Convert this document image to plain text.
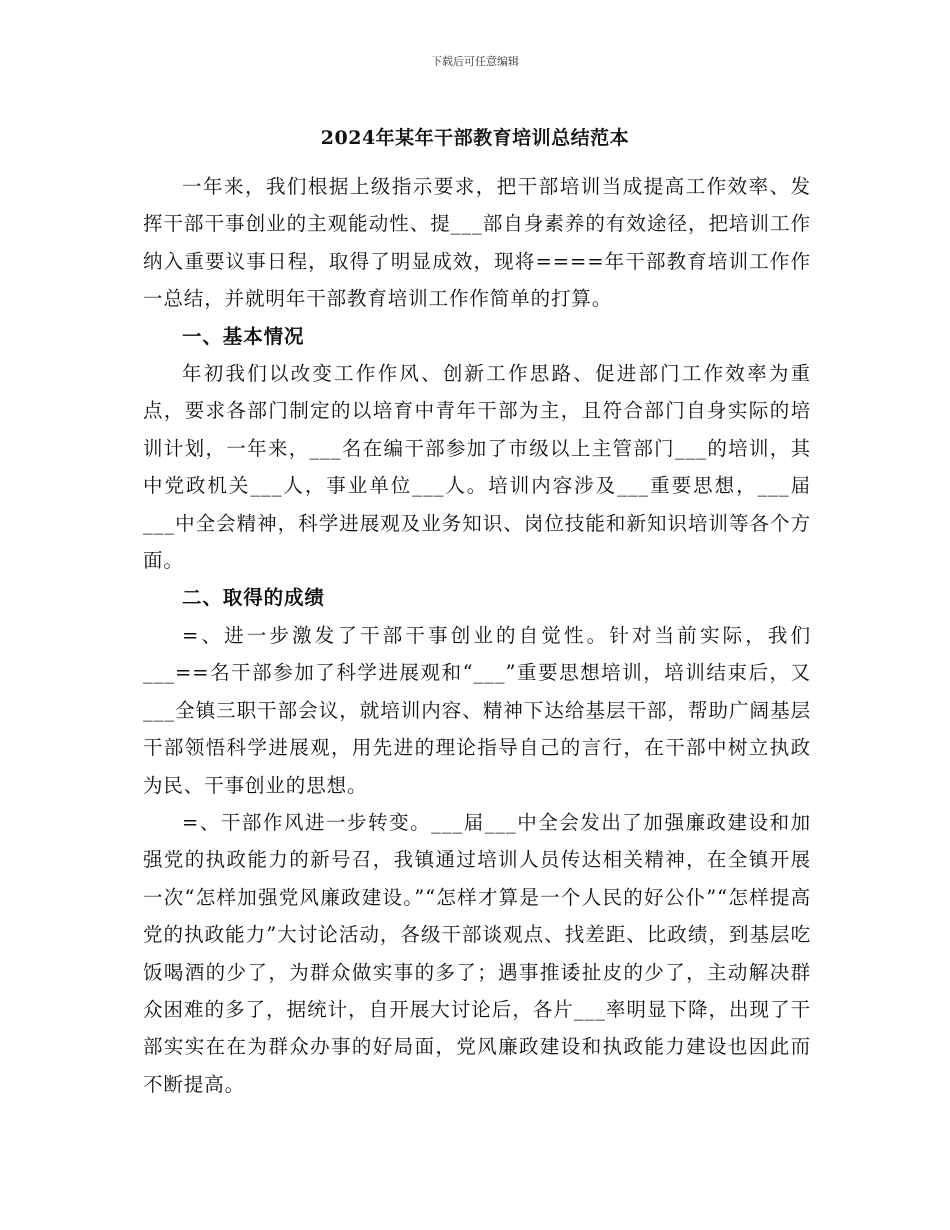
下载后可任意编辑
2024年某年干部教育培训总结范本

一年来，我们根据上级指示要求，把干部培训当成提高工作效率、发挥干部干事创业的主观能动性、提___部自身素养的有效途径，把培训工作纳入重要议事日程，取得了明显成效，现将====年干部教育培训工作作一总结，并就明年干部教育培训工作作简单的打算。

一、基本情况

年初我们以改变工作作风、创新工作思路、促进部门工作效率为重点，要求各部门制定的以培育中青年干部为主，且符合部门自身实际的培训计划，一年来，___名在编干部参加了市级以上主管部门___的培训，其中党政机关___人，事业单位___人。培训内容涉及___重要思想，___届___中全会精神，科学进展观及业务知识、岗位技能和新知识培训等各个方面。

二、取得的成绩

=、进一步激发了干部干事创业的自觉性。针对当前实际，我们___==名干部参加了科学进展观和“___”重要思想培训，培训结束后，又___全镇三职干部会议，就培训内容、精神下达给基层干部，帮助广阔基层干部领悟科学进展观，用先进的理论指导自己的言行，在干部中树立执政为民、干事创业的思想。

=、干部作风进一步转变。___届___中全会发出了加强廉政建设和加强党的执政能力的新号召，我镇通过培训人员传达相关精神，在全镇开展一次“怎样加强党风廉政建设。”“怎样才算是一个人民的好公仆”“怎样提高党的执政能力”大讨论活动，各级干部谈观点、找差距、比政绩，到基层吃饭喝酒的少了，为群众做实事的多了；遇事推诿扯皮的少了，主动解决群众困难的多了，据统计，自开展大讨论后，各片___率明显下降，出现了干部实实在在为群众办事的好局面，党风廉政建设和执政能力建设也因此而不断提高。
